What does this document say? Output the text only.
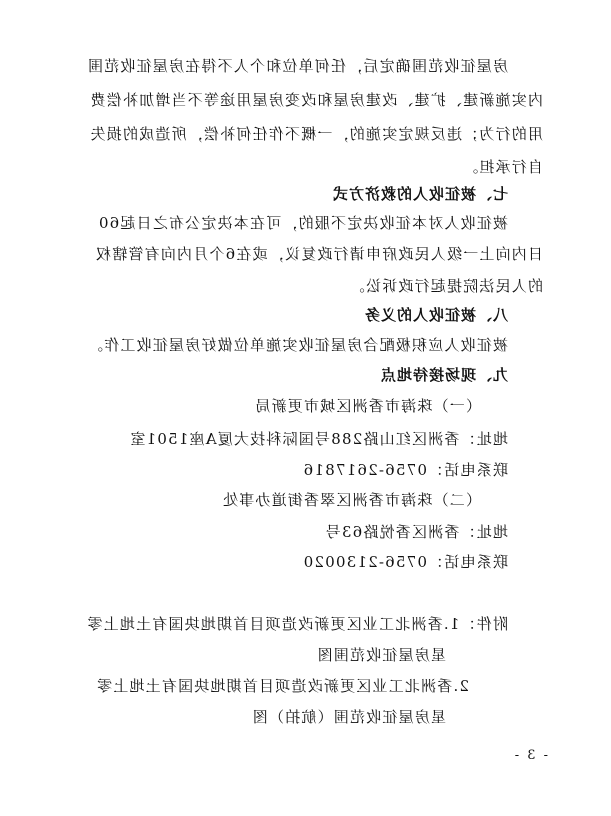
房屋征收范围确定后，任何单位和个人不得在房屋征收范围

内实施新建、扩建、改建房屋和改变房屋用途等不当增加补偿费

用的行为；违反规定实施的，一概不作任何补偿，所造成的损失

自行承担。

七、被征收人的救济方式

被征收人对本征收决定不服的，可在本决定公布之日起60

日内向上一级人民政府申请行政复议，或在6个月内向有管辖权

的人民法院提起行政诉讼。

八、被征收人的义务

被征收人应积极配合房屋征收实施单位做好房屋征收工作。

九、现场接待地点

（一）珠海市香洲区城市更新局

地址：香洲区红山路288号国际科技大厦A座1501室

联系电话：0756-2617816

（二）珠海市香洲区翠香街道办事处

地址：香洲区香悦路63号

联系电话：0756-2130020

附件：1.香洲北工业区更新改造项目首期地块国有土地上零

星房屋征收范围图

2.香洲北工业区更新改造项目首期地块国有土地上零

星房屋征收范围（航拍）图

- 3 -
